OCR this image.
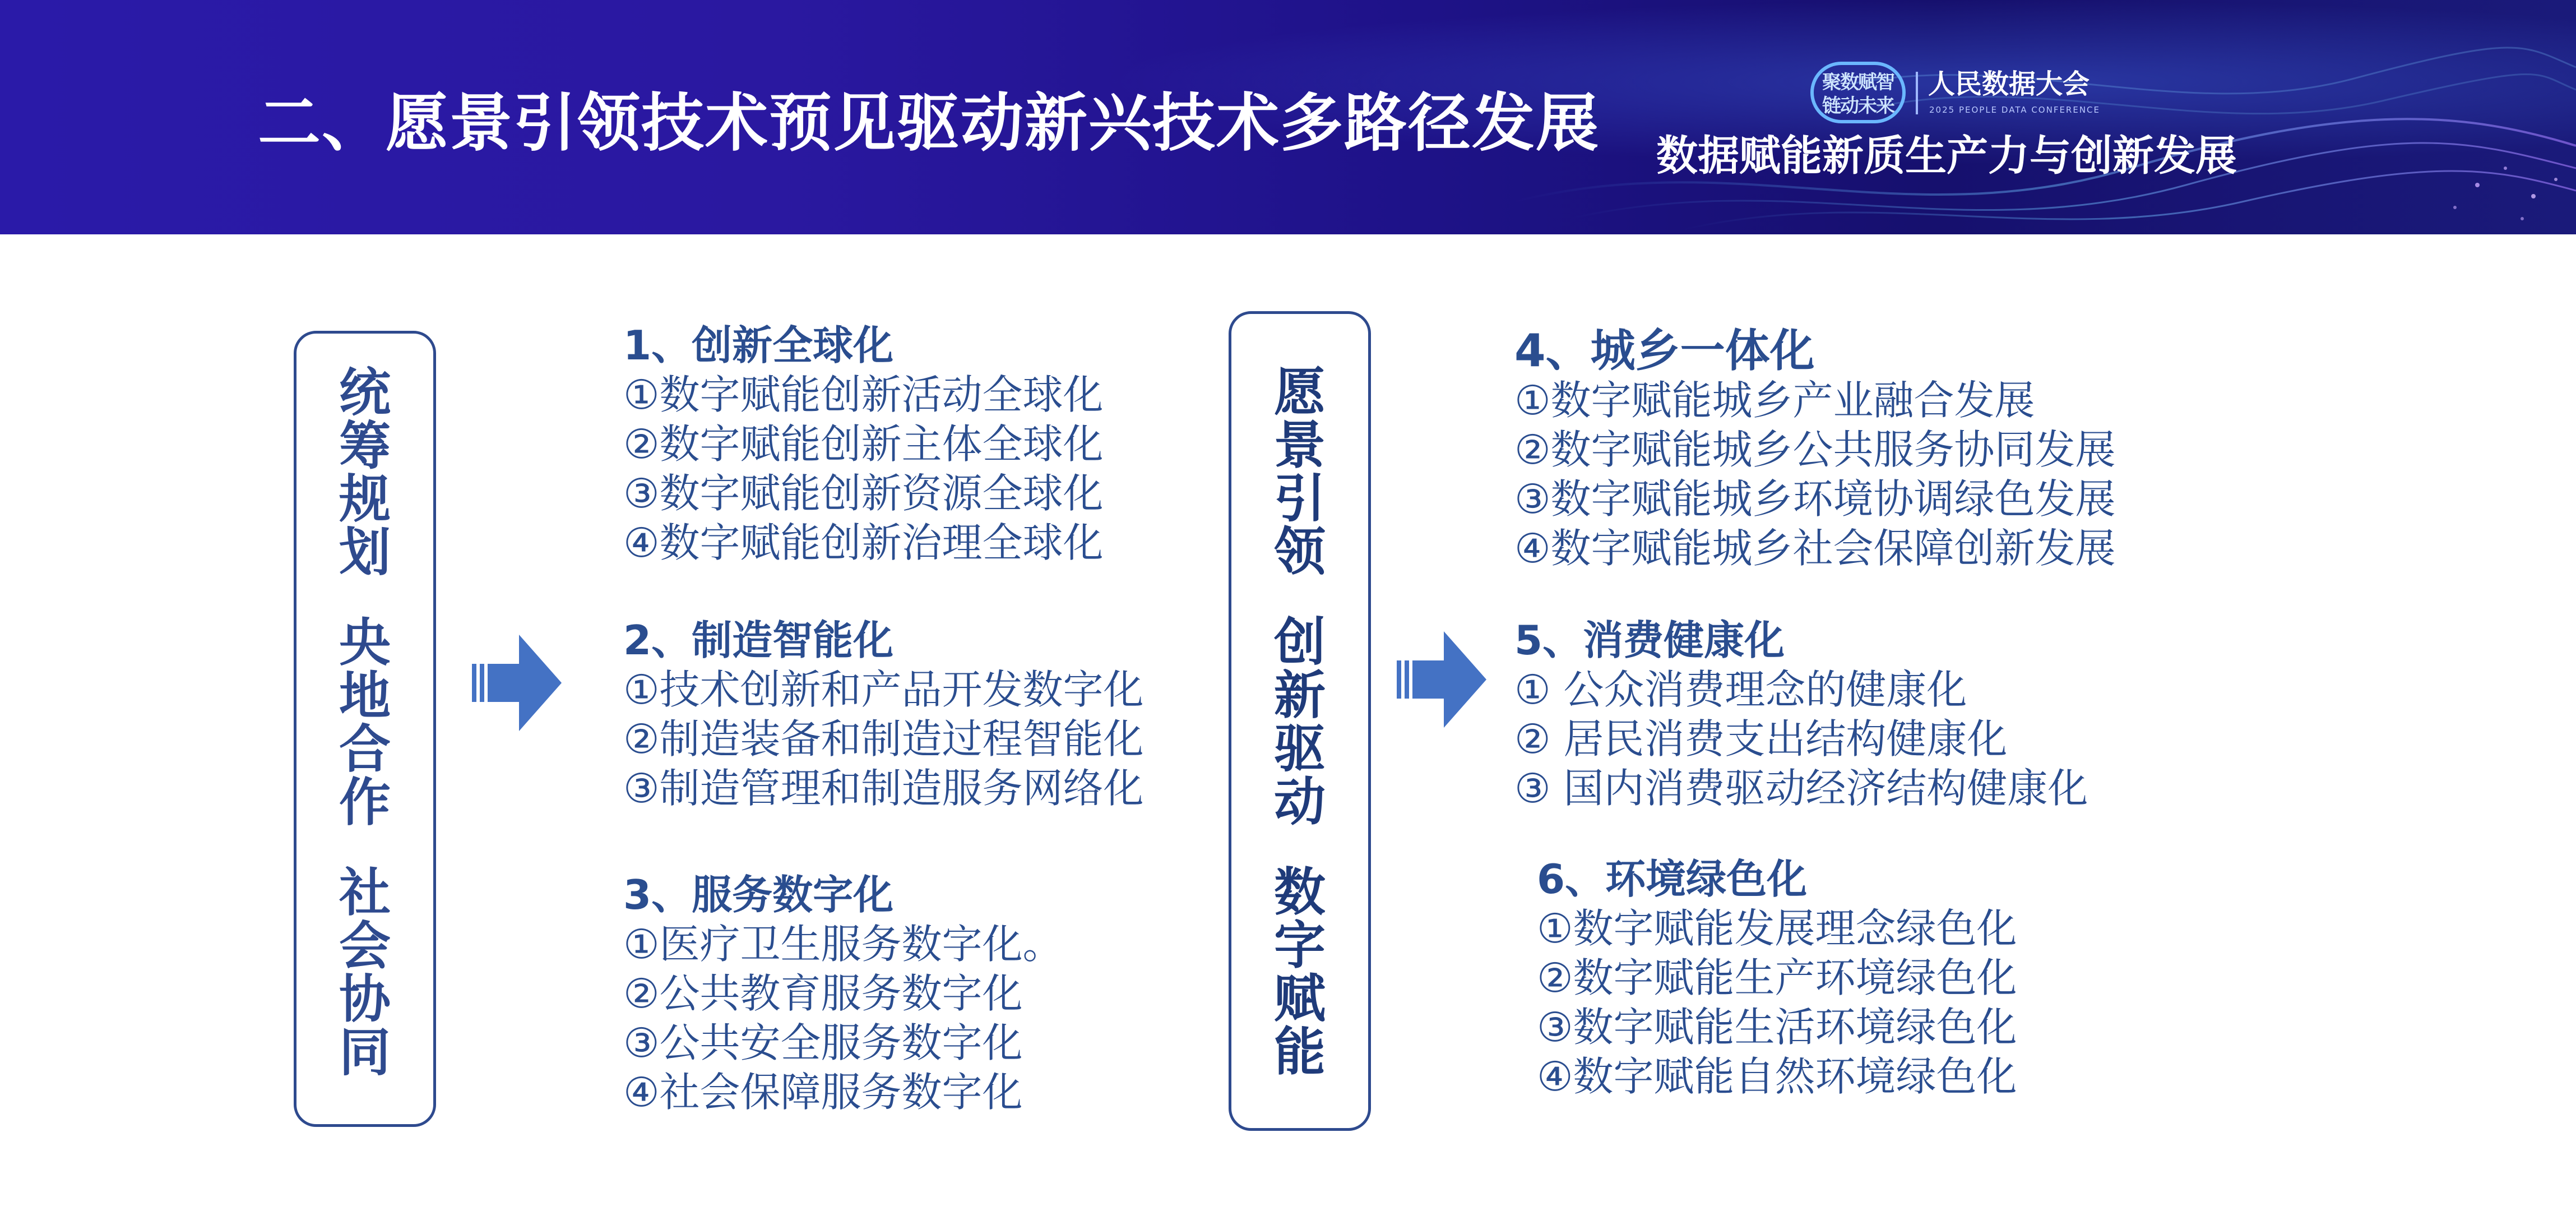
二、愿景引领技术预见驱动新兴技术多路径发展
聚数赋智
链动未来
人民数据大会
2025 PEOPLE DATA CONFERENCE
数据赋能新质生产力与创新发展
统
筹
规
划
央
地
合
作
社
会
协
同
1、创新全球化
①数字赋能创新活动全球化
②数字赋能创新主体全球化
③数字赋能创新资源全球化
④数字赋能创新治理全球化
2、制造智能化
①技术创新和产品开发数字化
②制造装备和制造过程智能化
③制造管理和制造服务网络化
3、服务数字化
①医疗卫生服务数字化。
②公共教育服务数字化
③公共安全服务数字化
④社会保障服务数字化
愿
景
引
领
创
新
驱
动
数
字
赋
能
4、城乡一体化
①数字赋能城乡产业融合发展
②数字赋能城乡公共服务协同发展
③数字赋能城乡环境协调绿色发展
④数字赋能城乡社会保障创新发展
5、消费健康化
① 公众消费理念的健康化
② 居民消费支出结构健康化
③ 国内消费驱动经济结构健康化
6、环境绿色化
①数字赋能发展理念绿色化
②数字赋能生产环境绿色化
③数字赋能生活环境绿色化
④数字赋能自然环境绿色化
